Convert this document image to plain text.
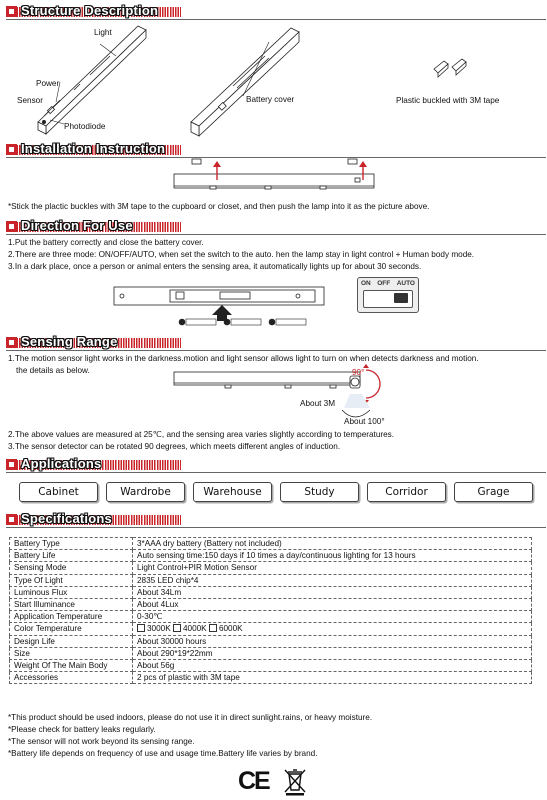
Structure Description
Light
Power
Sensor
Photodiode
Battery cover	Plastic buckled with 3M tape
Installation Instruction
*Stick the plactic buckles with 3M tape to the cupboard or closet, and then push the lamp into it as the picture above.
Direction For Use
1.Put the battery correctly and close the battery cover.
2.There are three mode: ON/OFF/AUTO, when set the switch to the auto. hen the lamp stay in light control + Human body mode.
3.In a dark place, once a person or animal enters the sensing area, it automatically lights up for about 30 seconds.
ON OFF AUTO
Sensing Range
1.The motion sensor light works in the darkness.motion and light sensor allows light to turn on when detects darkness and motion.
the details as below.	90°
About 3M
About 100°
2.The above values are measured at 25℃, and the sensing area varies slightly according to temperatures.
3.The sensor detector can be rotated 90 degrees, which meets different angles of induction.
Applications
Cabinet	Wardrobe	Warehouse	Study	Corridor	Grage
Specifications
Battery Type	3*AAA dry battery (Battery not included)
Battery Life	Auto sensing time:150 days if 10 times a day/continuous lighting for 13 hours
Sensing Mode	Light Control+PIR Motion Sensor
Type Of Light	2835 LED chip*4
Luminous Flux	About 34Lm
Start Illuminance	About 4Lux
Application Temperature	0-30℃
Color Temperature	3000K 4000K 6000K
Design Life	About 30000 hours
Size	About 290*19*22mm
Weight Of The Main Body	About 56g
Accessories	2 pcs of plastic with 3M tape
*This product should be used indoors, please do not use it in direct sunlight.rains, or heavy moisture.
*Please check for battery leaks regularly.
*The sensor will not work beyond its sensing range.
*Battery life depends on frequency of use and usage time.Battery life varies by brand.
CE
